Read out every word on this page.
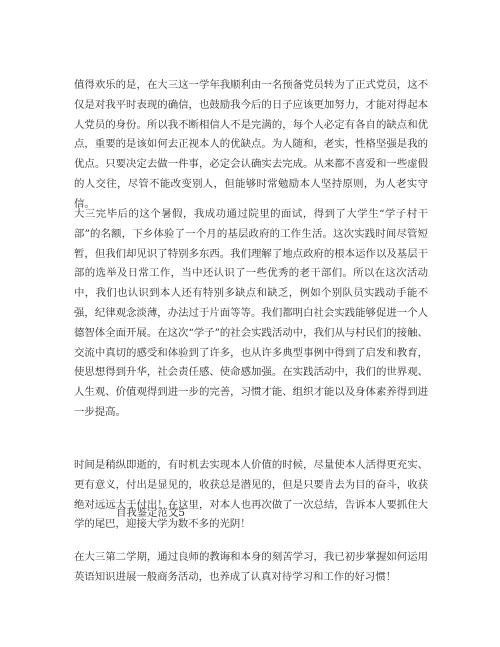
值得欢乐的是，在大三这一学年我顺利由一名预备党员转为了正式党员，这不仅是对我平时表现的确信，也鼓励我今后的日子应该更加努力，才能对得起本人党员的身份。所以我不断相信人不是完满的，每个人必定有各自的缺点和优点，重要的是该如何去正视本人的优缺点。为人随和，老实，性格坚强是我的优点。只要决定去做一件事，必定会认确实去完成。从来都不喜爱和一些虚假的人交往，尽管不能改变别人，但能够时常勉励本人坚持原则，为人老实守信。

大三完毕后的这个暑假，我成功通过院里的面试，得到了大学生“学子村干部”的名额，下乡体验了一个月的基层政府的工作生活。这次实践时间尽管短暂，但我们却见识了特别多东西。我们理解了地点政府的根本运作以及基层干部的选举及日常工作，当中还认识了一些优秀的老干部们。所以在这次活动中，我们也认识到本人还有特别多缺点和缺乏，例如个别队员实践动手能不强，纪律观念淡薄，办法过于片面等等。我们都明白社会实践能够促进一个人德智体全面开展。在这次“学子”的社会实践活动中，我们从与村民们的接触、交流中真切的感受和体验到了许多，也从许多典型事例中得到了启发和教育，使思想得到升华，社会责任感、使命感加强。在实践活动中，我们的世界观、人生观、价值观得到进一步的完善，习惯才能、组织才能以及身体素养得到进一步提高。

时间是稍纵即逝的，有时机去实现本人价值的时候，尽量使本人活得更充实、更有意义，付出是显见的，收获总是潜见的，但是只要肯去为目的奋斗，收获绝对远远大于付出！在这里，对本人也再次做了一次总结，告诉本人要抓住大学的尾巴，迎接大学为数不多的光阴！

自我鉴定范文5

在大三第二学期，通过良师的教诲和本身的刻苦学习，我已初步掌握如何运用英语知识进展一般商务活动，也养成了认真对待学习和工作的好习惯！
